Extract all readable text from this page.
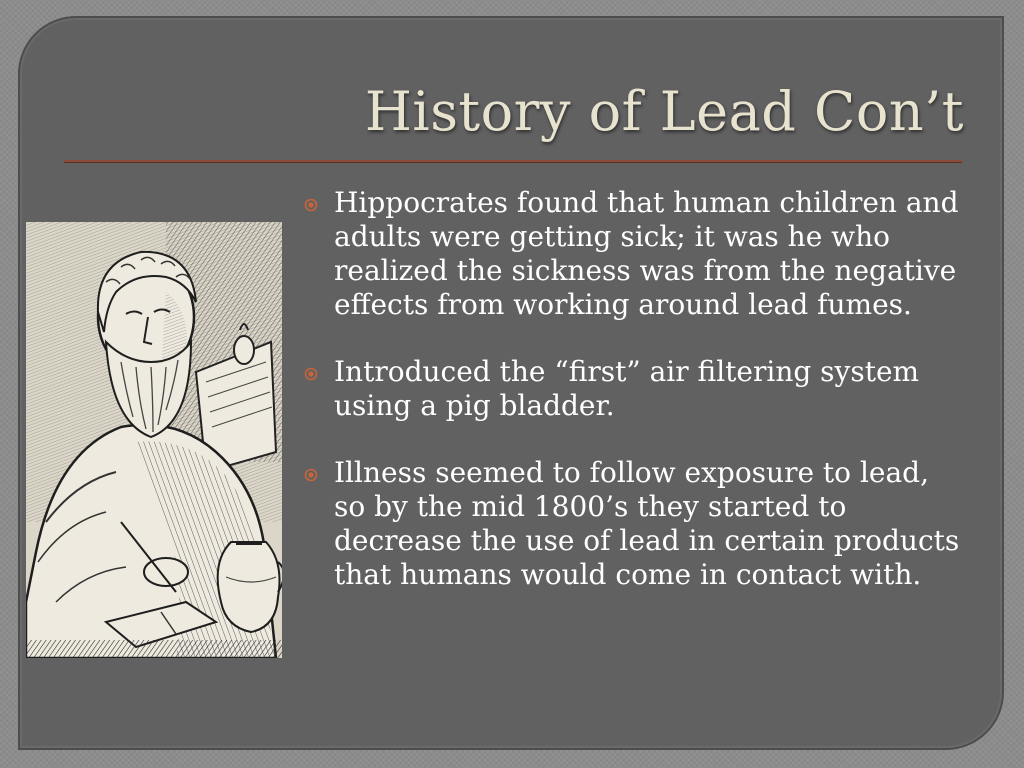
History of Lead Con’t
Hippocrates found that human children and adults were getting sick; it was he who realized the sickness was from the negative effects from working around lead fumes.
Introduced the “first” air filtering system using a pig bladder.
Illness seemed to follow exposure to lead, so by the mid 1800’s they started to decrease the use of lead in certain products that humans would come in contact with.
